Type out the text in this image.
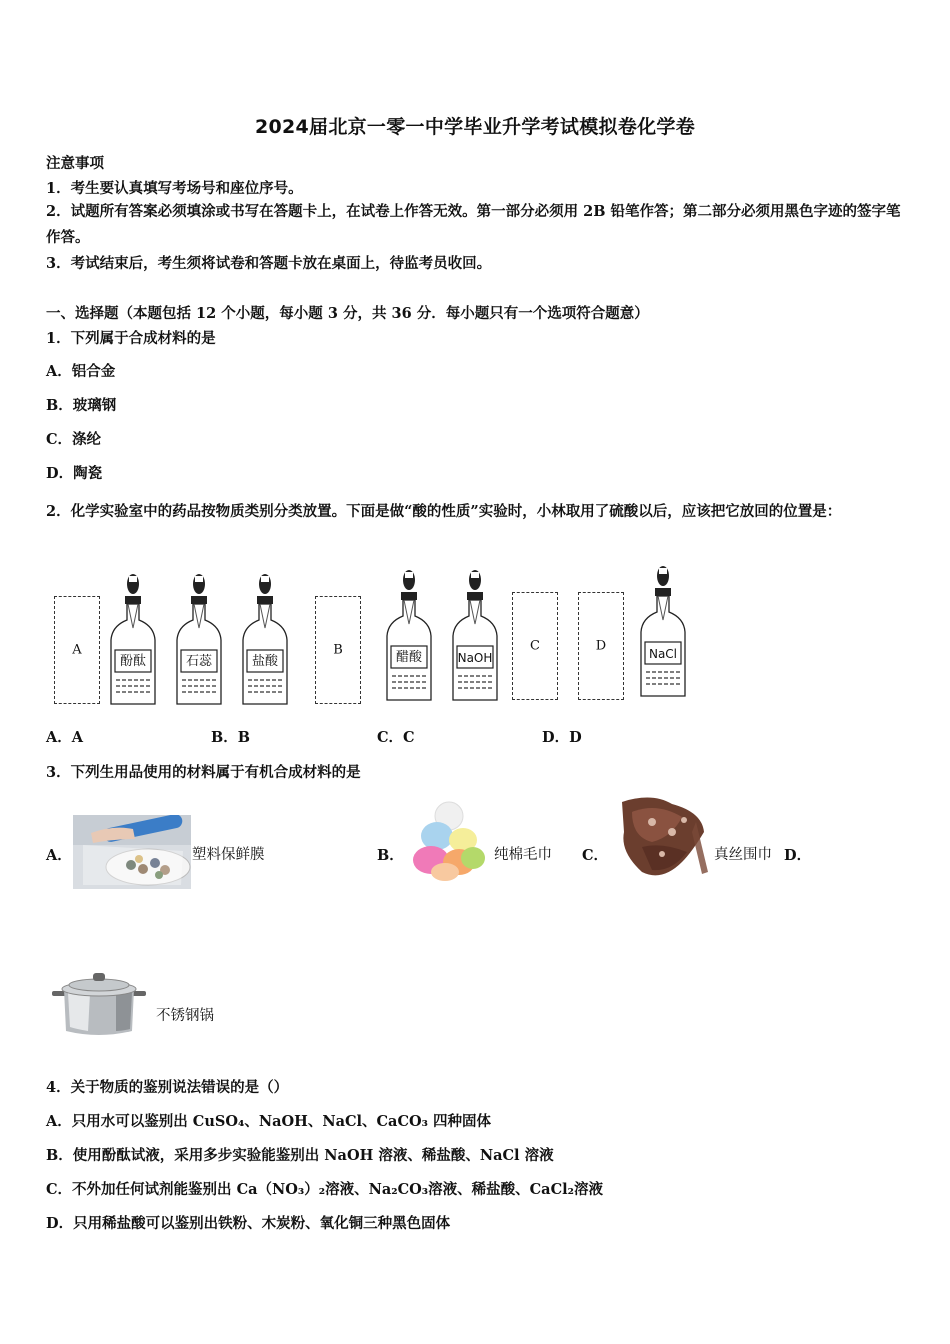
2024届北京一零一中学毕业升学考试模拟卷化学卷
注意事项
1．考生要认真填写考场号和座位序号。
2．试题所有答案必须填涂或书写在答题卡上，在试卷上作答无效。第一部分必须用 2B 铅笔作答；第二部分必须用黑色字迹的签字笔作答。
3．考试结束后，考生须将试卷和答题卡放在桌面上，待监考员收回。
一、选择题（本题包括 12 个小题，每小题 3 分，共 36 分．每小题只有一个选项符合题意）
1．下列属于合成材料的是
A．铝合金
B．玻璃钢
C．涤纶
D．陶瓷
2．化学实验室中的药品按物质类别分类放置。下面是做“酸的性质”实验时，小林取用了硫酸以后，应该把它放回的位置是：
A
酚酞	石蕊	盐酸
B	醋酸	NaOH
C	D
NaCl
A．A	B．B	C．C	D．D
3．下列生用品使用的材料属于有机合成材料的是
A．	塑料保鲜膜	B．	纯棉毛巾 C．	真丝围巾 D．
不锈钢锅
4．关于物质的鉴别说法错误的是（）
A．只用水可以鉴别出 CuSO₄、NaOH、NaCl、CaCO₃ 四种固体
B．使用酚酞试液，采用多步实验能鉴别出 NaOH 溶液、稀盐酸、NaCl 溶液
C．不外加任何试剂能鉴别出 Ca（NO₃）₂溶液、Na₂CO₃溶液、稀盐酸、CaCl₂溶液
D．只用稀盐酸可以鉴别出铁粉、木炭粉、氧化铜三种黑色固体
